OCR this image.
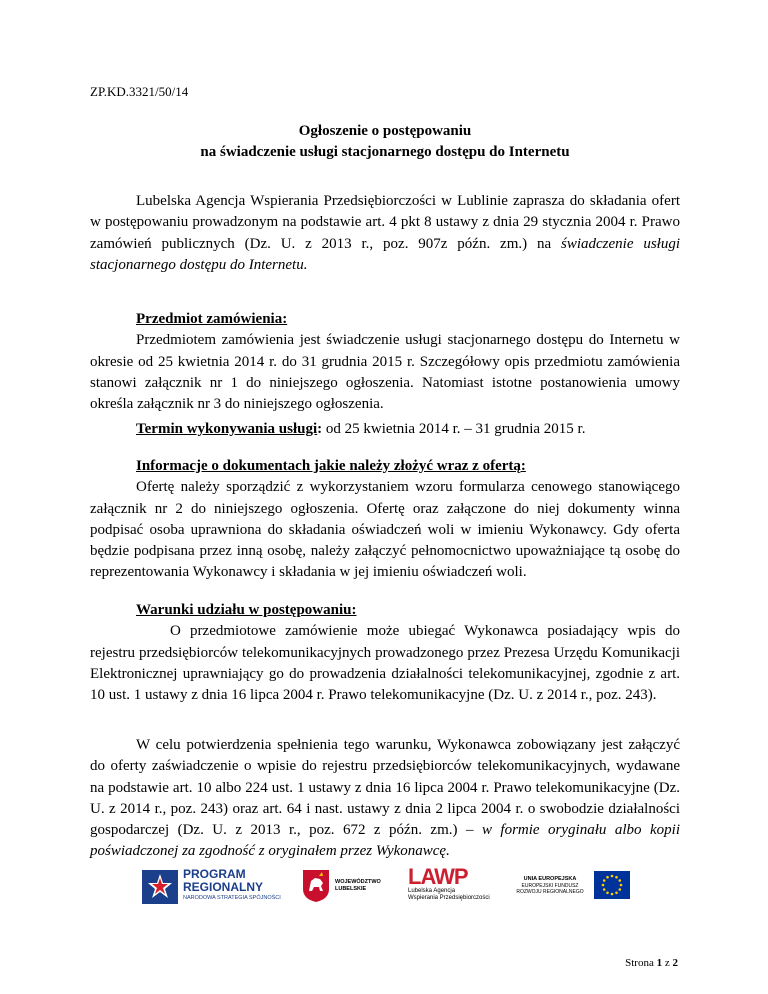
ZP.KD.3321/50/14
Ogłoszenie o postępowaniu
na świadczenie usługi stacjonarnego dostępu do Internetu
Lubelska Agencja Wspierania Przedsiębiorczości w Lublinie zaprasza do składania ofert w postępowaniu prowadzonym na podstawie art. 4 pkt 8 ustawy z dnia 29 stycznia 2004 r. Prawo zamówień publicznych (Dz. U. z 2013 r., poz. 907z późn. zm.) na świadczenie usługi stacjonarnego dostępu do Internetu.
Przedmiot zamówienia:
Przedmiotem zamówienia jest świadczenie usługi stacjonarnego dostępu do Internetu w okresie od 25 kwietnia 2014 r. do 31 grudnia 2015 r. Szczegółowy opis przedmiotu zamówienia stanowi załącznik nr 1 do niniejszego ogłoszenia. Natomiast istotne postanowienia umowy określa załącznik nr 3 do niniejszego ogłoszenia.
Termin wykonywania usługi: od 25 kwietnia 2014 r. – 31 grudnia 2015 r.
Informacje o dokumentach jakie należy złożyć wraz z ofertą:
Ofertę należy sporządzić z wykorzystaniem wzoru formularza cenowego stanowiącego załącznik nr 2 do niniejszego ogłoszenia. Ofertę oraz załączone do niej dokumenty winna podpisać osoba uprawniona do składania oświadczeń woli w imieniu Wykonawcy. Gdy oferta będzie podpisana przez inną osobę, należy załączyć pełnomocnictwo upoważniające tą osobę do reprezentowania Wykonawcy i składania w jej imieniu oświadczeń woli.
Warunki udziału w postępowaniu:
O przedmiotowe zamówienie może ubiegać Wykonawca posiadający wpis do rejestru przedsiębiorców telekomunikacyjnych prowadzonego przez Prezesa Urzędu Komunikacji Elektronicznej uprawniający go do prowadzenia działalności telekomunikacyjnej, zgodnie z art. 10 ust. 1 ustawy z dnia 16 lipca 2004 r. Prawo telekomunikacyjne (Dz. U. z 2014 r., poz. 243).
W celu potwierdzenia spełnienia tego warunku, Wykonawca zobowiązany jest załączyć do oferty zaświadczenie o wpisie do rejestru przedsiębiorców telekomunikacyjnych, wydawane na podstawie art. 10 albo 224 ust. 1 ustawy z dnia 16 lipca 2004 r. Prawo telekomunikacyjne (Dz. U. z 2014 r., poz. 243) oraz art. 64 i nast. ustawy z dnia 2 lipca 2004 r. o swobodzie działalności gospodarczej (Dz. U. z 2013 r., poz. 672 z późn. zm.) – w formie oryginału albo kopii poświadczonej za zgodność z oryginałem przez Wykonawcę.
PROGRAM
REGIONALNY
NARODOWA STRATEGIA SPÓJNOŚCI
WOJEWÓDZTWO
LUBELSKIE	LAWP
Lubelska Agencja
Wspierania Przedsiębiorczości
UNIA EUROPEJSKA
EUROPEJSKI FUNDUSZ
ROZWOJU REGIONALNEGO
Strona 1 z 2
